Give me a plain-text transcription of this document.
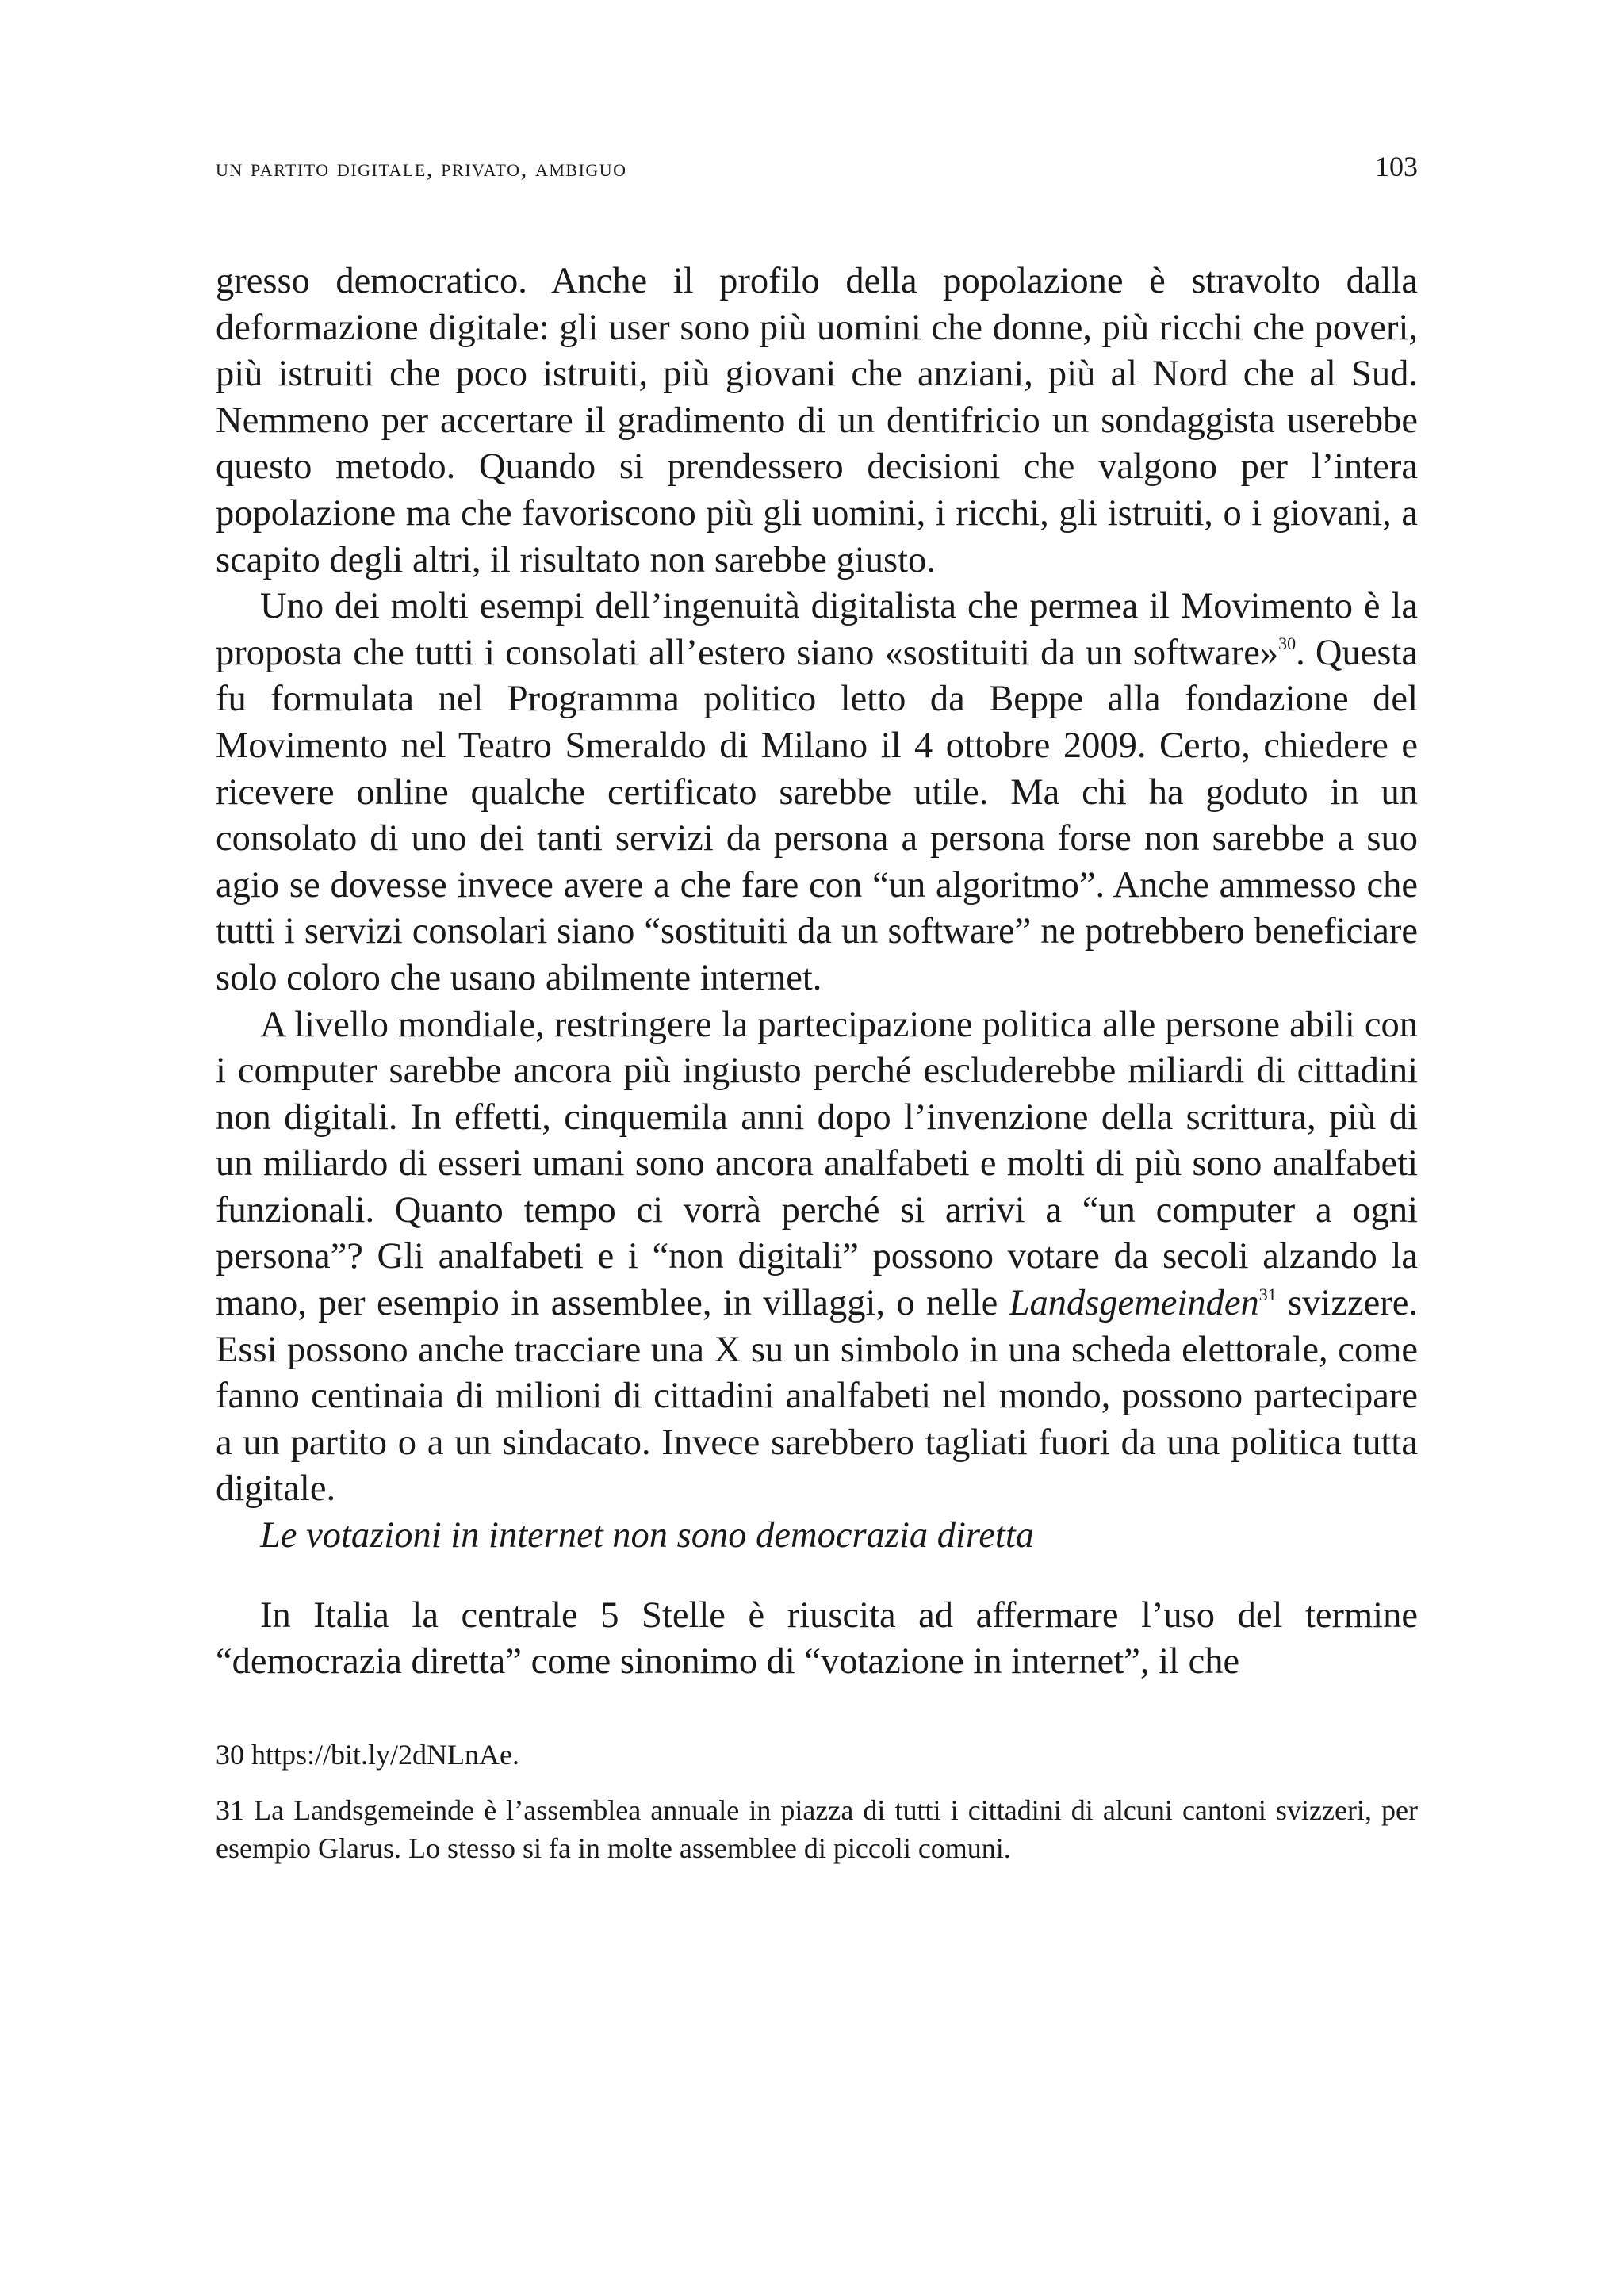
un partito digitale, privato, ambiguo	103

gresso democratico. Anche il profilo della popolazione è stravolto dalla deformazione digitale: gli user sono più uomini che donne, più ricchi che poveri, più istruiti che poco istruiti, più giovani che anziani, più al Nord che al Sud. Nemmeno per accertare il gradimento di un dentifricio un sondaggista userebbe questo metodo. Quando si prendessero decisioni che valgono per l’intera popolazione ma che favoriscono più gli uomini, i ricchi, gli istruiti, o i giovani, a scapito degli altri, il risultato non sarebbe giusto.

Uno dei molti esempi dell’ingenuità digitalista che permea il Movimento è la proposta che tutti i consolati all’estero siano «sostituiti da un software»$^{30}$. Questa fu formulata nel Programma politico letto da Beppe alla fondazione del Movimento nel Teatro Smeraldo di Milano il 4 ottobre 2009. Certo, chiedere e ricevere online qualche certificato sarebbe utile. Ma chi ha goduto in un consolato di uno dei tanti servizi da persona a persona forse non sarebbe a suo agio se dovesse invece avere a che fare con “un algoritmo”. Anche ammesso che tutti i servizi consolari siano “sostituiti da un software” ne potrebbero beneficiare solo coloro che usano abilmente internet.

A livello mondiale, restringere la partecipazione politica alle persone abili con i computer sarebbe ancora più ingiusto perché escluderebbe miliardi di cittadini non digitali. In effetti, cinquemila anni dopo l’invenzione della scrittura, più di un miliardo di esseri umani sono ancora analfabeti e molti di più sono analfabeti funzionali. Quanto tempo ci vorrà perché si arrivi a “un computer a ogni persona”? Gli analfabeti e i “non digitali” possono votare da secoli alzando la mano, per esempio in assemblee, in villaggi, o nelle Landsgemeinden$^{31}$ svizzere. Essi possono anche tracciare una X su un simbolo in una scheda elettorale, come fanno centinaia di milioni di cittadini analfabeti nel mondo, possono partecipare a un partito o a un sindacato. Invece sarebbero tagliati fuori da una politica tutta digitale.

Le votazioni in internet non sono democrazia diretta

In Italia la centrale 5 Stelle è riuscita ad affermare l’uso del termine “democrazia diretta” come sinonimo di “votazione in internet”, il che

30 https://bit.ly/2dNLnAe.

31 La Landsgemeinde è l’assemblea annuale in piazza di tutti i cittadini di alcuni cantoni svizzeri, per esempio Glarus. Lo stesso si fa in molte assemblee di piccoli comuni.
